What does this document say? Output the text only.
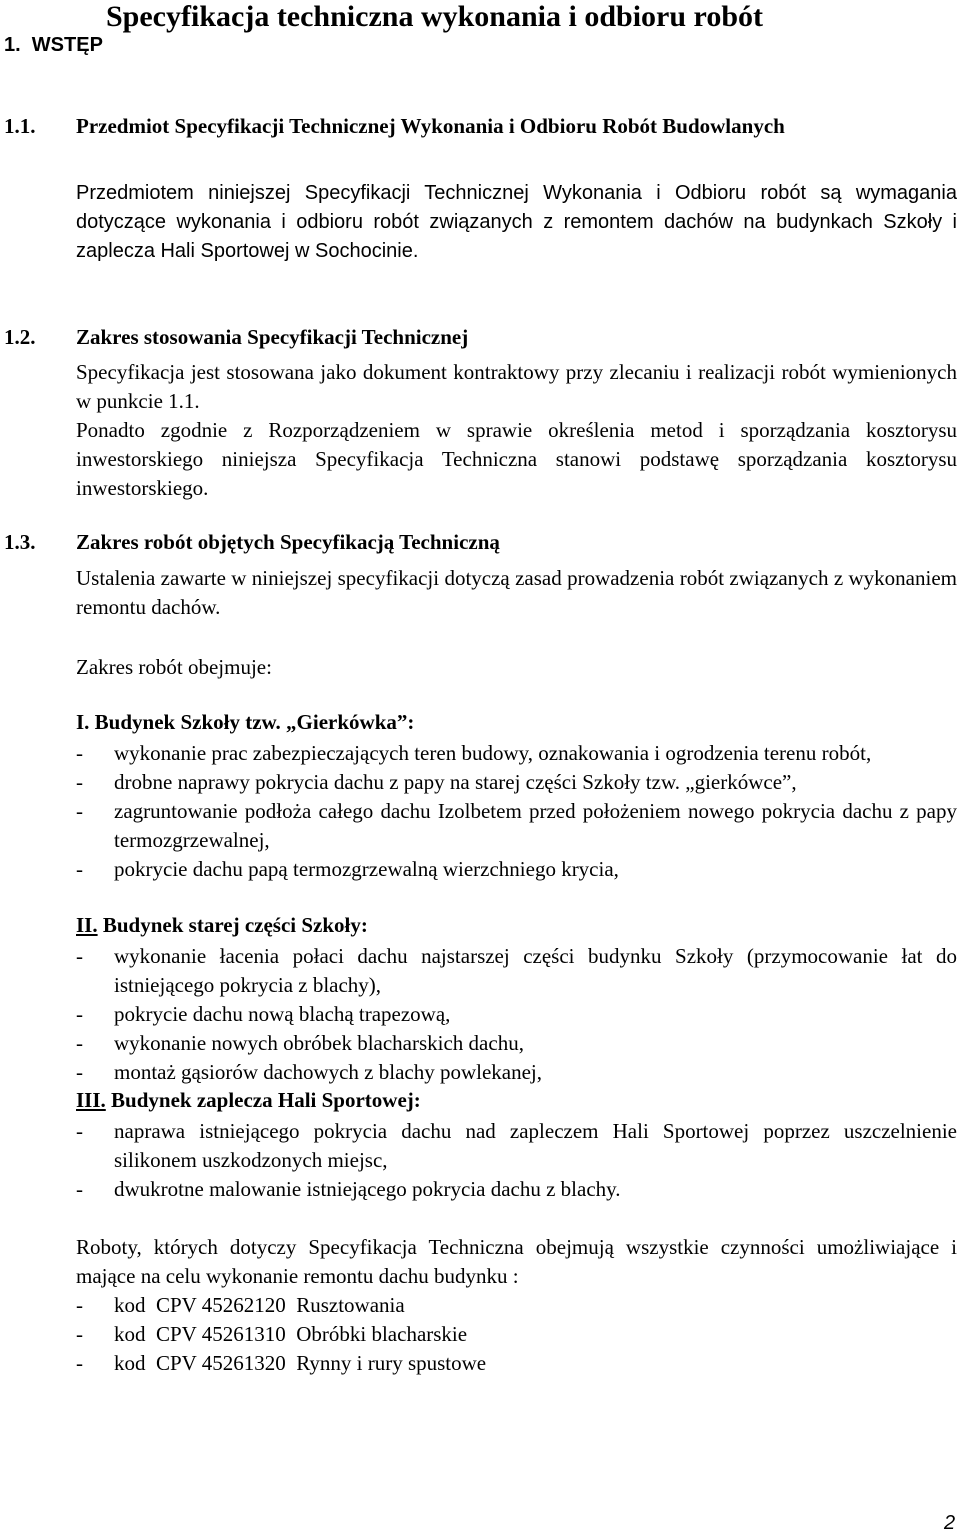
Specyfikacja techniczna wykonania i odbioru robót
1.  WSTĘP
1.1. Przedmiot Specyfikacji Technicznej Wykonania i Odbioru Robót Budowlanych
Przedmiotem niniejszej Specyfikacji Technicznej Wykonania i Odbioru robót są wymagania dotyczące wykonania i odbioru robót związanych z remontem dachów na budynkach Szkoły i zaplecza Hali Sportowej w Sochocinie.
1.2. Zakres stosowania Specyfikacji Technicznej
Specyfikacja jest stosowana jako dokument kontraktowy przy zlecaniu i realizacji robót wymienionych w punkcie 1.1.
Ponadto zgodnie z Rozporządzeniem w sprawie określenia metod i sporządzania kosztorysu inwestorskiego niniejsza Specyfikacja Techniczna stanowi podstawę sporządzania kosztorysu inwestorskiego.
1.3. Zakres robót objętych Specyfikacją Techniczną
Ustalenia zawarte w niniejszej specyfikacji dotyczą zasad prowadzenia robót związanych z wykonaniem remontu dachów.
Zakres robót obejmuje:
I. Budynek Szkoły tzw. „Gierkówka”:
- wykonanie prac zabezpieczających teren budowy, oznakowania i ogrodzenia terenu robót,
- drobne naprawy pokrycia dachu z papy na starej części Szkoły tzw. „gierkówce”,
- zagruntowanie podłoża całego dachu Izolbetem przed położeniem nowego pokrycia dachu z papy termozgrzewalnej,
- pokrycie dachu papą termozgrzewalną wierzchniego krycia,
II. Budynek starej części Szkoły:
- wykonanie łacenia połaci dachu najstarszej części budynku Szkoły (przymocowanie łat do istniejącego pokrycia z blachy),
- pokrycie dachu nową blachą trapezową,
- wykonanie nowych obróbek blacharskich dachu,
- montaż gąsiorów dachowych z blachy powlekanej,
III. Budynek zaplecza Hali Sportowej:
- naprawa istniejącego pokrycia dachu nad zapleczem Hali Sportowej poprzez uszczelnienie silikonem uszkodzonych miejsc,
- dwukrotne malowanie istniejącego pokrycia dachu z blachy.
Roboty, których dotyczy Specyfikacja Techniczna obejmują wszystkie czynności umożliwiające i mające na celu wykonanie remontu dachu budynku :
- kod  CPV 45262120  Rusztowania
- kod  CPV 45261310  Obróbki blacharskie
- kod  CPV 45261320  Rynny i rury spustowe
2
